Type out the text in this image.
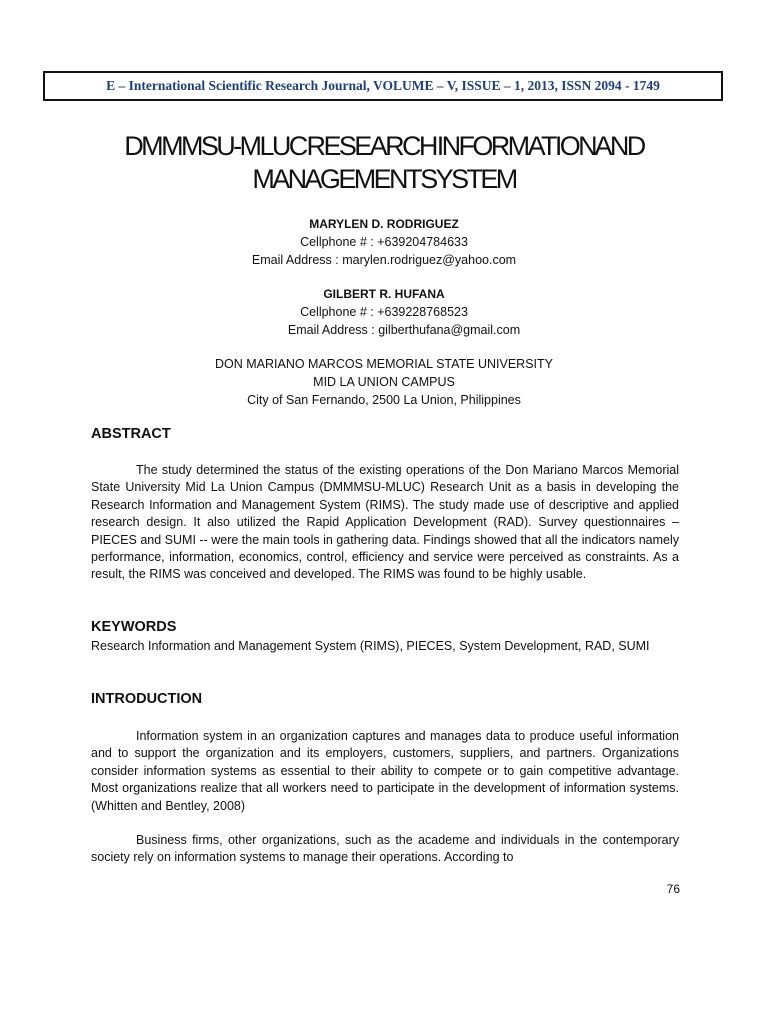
E – International Scientific Research Journal, VOLUME – V, ISSUE – 1, 2013, ISSN 2094 - 1749
DMMMSU-MLUC RESEARCH INFORMATION AND
MANAGEMENT SYSTEM
MARYLEN D. RODRIGUEZ
Cellphone # : +639204784633
Email Address : marylen.rodriguez@yahoo.com
GILBERT R. HUFANA
Cellphone # : +639228768523
Email Address : gilberthufana@gmail.com
DON MARIANO MARCOS MEMORIAL STATE UNIVERSITY
MID LA UNION CAMPUS
City of San Fernando, 2500 La Union, Philippines
ABSTRACT

The study determined the status of the existing operations of the Don Mariano Marcos Memorial State University Mid La Union Campus (DMMMSU-MLUC) Research Unit as a basis in developing the Research Information and Management System (RIMS). The study made use of descriptive and applied research design. It also utilized the Rapid Application Development (RAD). Survey questionnaires – PIECES and SUMI -- were the main tools in gathering data. Findings showed that all the indicators namely performance, information, economics, control, efficiency and service were perceived as constraints. As a result, the RIMS was conceived and developed. The RIMS was found to be highly usable.

KEYWORDS

Research Information and Management System (RIMS), PIECES, System Development, RAD, SUMI

INTRODUCTION

Information system in an organization captures and manages data to produce useful information and to support the organization and its employers, customers, suppliers, and partners. Organizations consider information systems as essential to their ability to compete or to gain competitive advantage. Most organizations realize that all workers need to participate in the development of information systems. (Whitten and Bentley, 2008)

Business firms, other organizations, such as the academe and individuals in the contemporary society rely on information systems to manage their operations. According to

76
